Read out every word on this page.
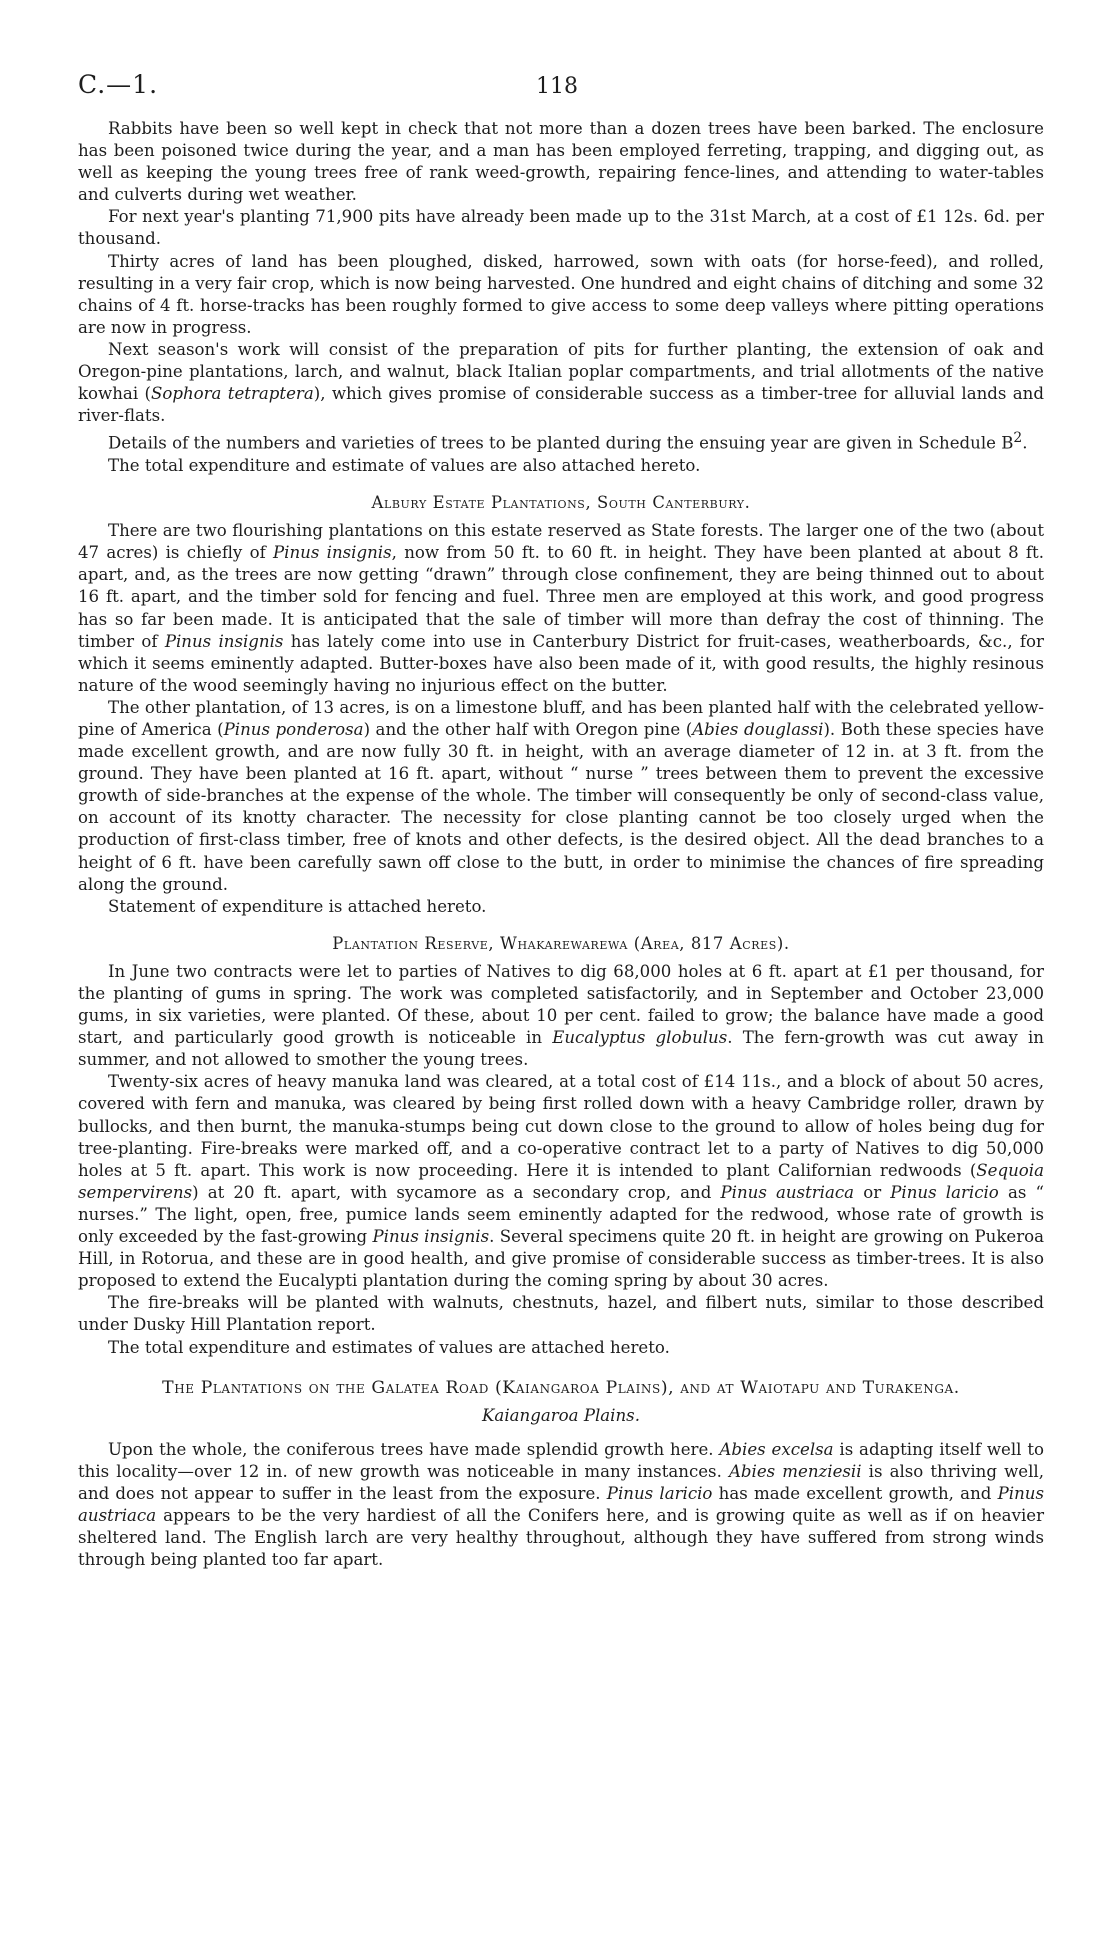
C.—1.	118

Rabbits have been so well kept in check that not more than a dozen trees have been barked. The enclosure has been poisoned twice during the year, and a man has been employed ferreting, trapping, and digging out, as well as keeping the young trees free of rank weed-growth, repairing fence-lines, and attending to water-tables and culverts during wet weather.

For next year's planting 71,900 pits have already been made up to the 31st March, at a cost of £1 12s. 6d. per thousand.

Thirty acres of land has been ploughed, disked, harrowed, sown with oats (for horse-feed), and rolled, resulting in a very fair crop, which is now being harvested. One hundred and eight chains of ditching and some 32 chains of 4 ft. horse-tracks has been roughly formed to give access to some deep valleys where pitting operations are now in progress.

Next season's work will consist of the preparation of pits for further planting, the extension of oak and Oregon-pine plantations, larch, and walnut, black Italian poplar compartments, and trial allotments of the native kowhai (Sophora tetraptera), which gives promise of considerable success as a timber-tree for alluvial lands and river-flats.

Details of the numbers and varieties of trees to be planted during the ensuing year are given in Schedule $B^2$.

The total expenditure and estimate of values are also attached hereto.

Albury Estate Plantations, South Canterbury.

There are two flourishing plantations on this estate reserved as State forests. The larger one of the two (about 47 acres) is chiefly of Pinus insignis, now from 50 ft. to 60 ft. in height. They have been planted at about 8 ft. apart, and, as the trees are now getting “drawn” through close confinement, they are being thinned out to about 16 ft. apart, and the timber sold for fencing and fuel. Three men are employed at this work, and good progress has so far been made. It is anticipated that the sale of timber will more than defray the cost of thinning. The timber of Pinus insignis has lately come into use in Canterbury District for fruit-cases, weatherboards, &c., for which it seems eminently adapted. Butter-boxes have also been made of it, with good results, the highly resinous nature of the wood seemingly having no injurious effect on the butter.

The other plantation, of 13 acres, is on a limestone bluff, and has been planted half with the celebrated yellow-pine of America (Pinus ponderosa) and the other half with Oregon pine (Abies douglassi). Both these species have made excellent growth, and are now fully 30 ft. in height, with an average diameter of 12 in. at 3 ft. from the ground. They have been planted at 16 ft. apart, without “ nurse ” trees between them to prevent the excessive growth of side-branches at the expense of the whole. The timber will consequently be only of second-class value, on account of its knotty character. The necessity for close planting cannot be too closely urged when the production of first-class timber, free of knots and other defects, is the desired object. All the dead branches to a height of 6 ft. have been carefully sawn off close to the butt, in order to minimise the chances of fire spreading along the ground.

Statement of expenditure is attached hereto.

Plantation Reserve, Whakarewarewa (Area, 817 Acres).

In June two contracts were let to parties of Natives to dig 68,000 holes at 6 ft. apart at £1 per thousand, for the planting of gums in spring. The work was completed satisfactorily, and in September and October 23,000 gums, in six varieties, were planted. Of these, about 10 per cent. failed to grow; the balance have made a good start, and particularly good growth is noticeable in Eucalyptus globulus. The fern-growth was cut away in summer, and not allowed to smother the young trees.

Twenty-six acres of heavy manuka land was cleared, at a total cost of £14 11s., and a block of about 50 acres, covered with fern and manuka, was cleared by being first rolled down with a heavy Cambridge roller, drawn by bullocks, and then burnt, the manuka-stumps being cut down close to the ground to allow of holes being dug for tree-planting. Fire-breaks were marked off, and a co-operative contract let to a party of Natives to dig 50,000 holes at 5 ft. apart. This work is now proceeding. Here it is intended to plant Californian redwoods (Sequoia sempervirens) at 20 ft. apart, with sycamore as a secondary crop, and Pinus austriaca or Pinus laricio as “ nurses.” The light, open, free, pumice lands seem eminently adapted for the redwood, whose rate of growth is only exceeded by the fast-growing Pinus insignis. Several specimens quite 20 ft. in height are growing on Pukeroa Hill, in Rotorua, and these are in good health, and give promise of considerable success as timber-trees. It is also proposed to extend the Eucalypti plantation during the coming spring by about 30 acres.

The fire-breaks will be planted with walnuts, chestnuts, hazel, and filbert nuts, similar to those described under Dusky Hill Plantation report.

The total expenditure and estimates of values are attached hereto.

The Plantations on the Galatea Road (Kaiangaroa Plains), and at Waiotapu and Turakenga.
Kaiangaroa Plains.

Upon the whole, the coniferous trees have made splendid growth here. Abies excelsa is adapting itself well to this locality—over 12 in. of new growth was noticeable in many instances. Abies menziesii is also thriving well, and does not appear to suffer in the least from the exposure. Pinus laricio has made excellent growth, and Pinus austriaca appears to be the very hardiest of all the Conifers here, and is growing quite as well as if on heavier sheltered land. The English larch are very healthy throughout, although they have suffered from strong winds through being planted too far apart.
